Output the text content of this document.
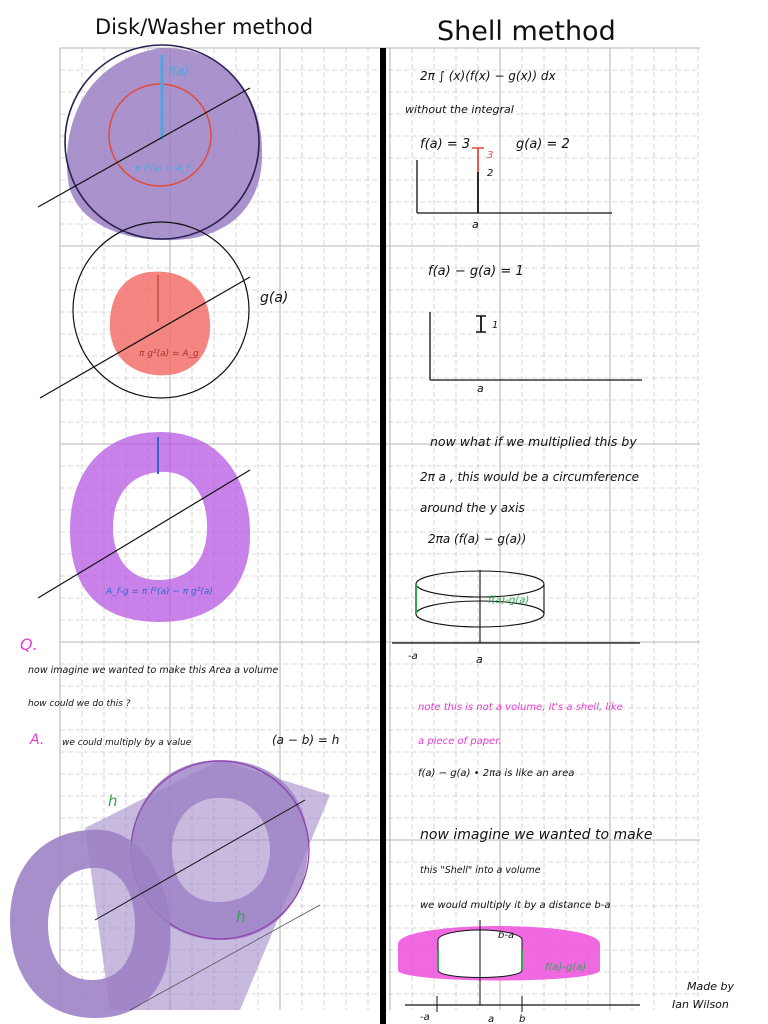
Disk/Washer method	Shell method
f(a)
π f²(a) = A_f
g(a)
π g²(a) = A_g
A_f-g = π f²(a) − π g²(a)
Q.
now imagine we wanted to make this Area a volume
how could we do this ?
A. we could multiply by a value	(a − b) = h
h
h
2π ∫ (x)(f(x) − g(x)) dx
without the integral
f(a) = 3	g(a) = 2
3
2
a
f(a) − g(a) = 1
1
a
now what if we multiplied this by
2π a , this would be a circumference
around the y axis
2πa (f(a) − g(a))
f(a)-g(a)
-a	a
note this is not a volume, it's a shell, like
a piece of paper.
f(a) − g(a) • 2πa is like an area
now imagine we wanted to make
this "Shell" into a volume
we would multiply it by a distance b-a
b-a
f(a)-g(a)
-a	a b
Made by
Ian Wilson
